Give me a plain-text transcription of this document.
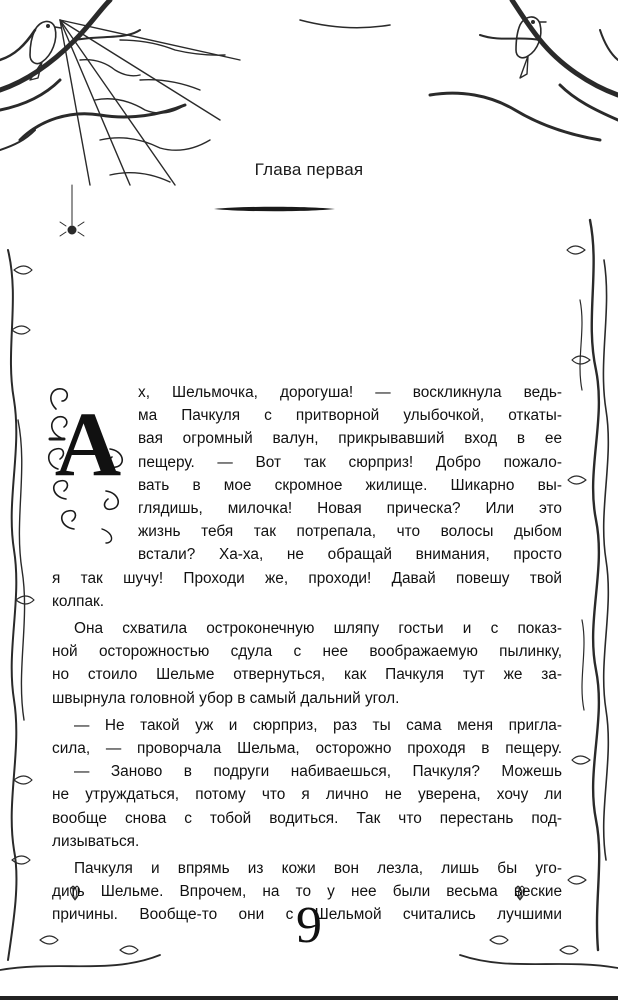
Глава первая
А
х, Шельмочка, дорогуша! — воскликнула ведь-
ма Пачкуля с притворной улыбочкой, откаты-
вая огромный валун, прикрывавший вход в ее
пещеру. — Вот так сюрприз! Добро пожало-
вать в мое скромное жилище. Шикарно вы-
глядишь, милочка! Новая прическа? Или это
жизнь тебя так потрепала, что волосы дыбом
встали? Ха-ха, не обращай внимания, просто
я так шучу! Проходи же, проходи! Давай повешу твой
колпак.
Она схватила остроконечную шляпу гостьи и с показ-
ной осторожностью сдула с нее воображаемую пылинку,
но стоило Шельме отвернуться, как Пачкуля тут же за-
швырнула головной убор в самый дальний угол.
— Не такой уж и сюрприз, раз ты сама меня пригла-
сила, — проворчала Шельма, осторожно проходя в пещеру.
— Заново в подруги набиваешься, Пачкуля? Можешь
не утруждаться, потому что я лично не уверена, хочу ли
вообще снова с тобой водиться. Так что перестань под-
лизываться.
Пачкуля и впрямь из кожи вон лезла, лишь бы уго-
дить Шельме. Впрочем, на то у нее были весьма веские
причины. Вообще-то они с Шельмой считались лучшими
9
